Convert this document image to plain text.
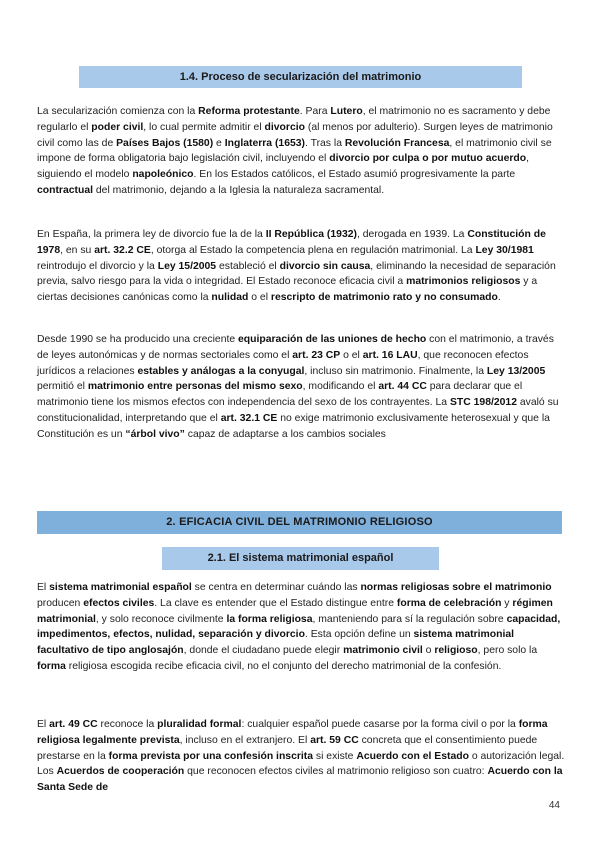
1.4. Proceso de secularización del matrimonio

La secularización comienza con la Reforma protestante. Para Lutero, el matrimonio no es sacramento y debe regularlo el poder civil, lo cual permite admitir el divorcio (al menos por adulterio). Surgen leyes de matrimonio civil como las de Países Bajos (1580) e Inglaterra (1653). Tras la Revolución Francesa, el matrimonio civil se impone de forma obligatoria bajo legislación civil, incluyendo el divorcio por culpa o por mutuo acuerdo, siguiendo el modelo napoleónico. En los Estados católicos, el Estado asumió progresivamente la parte contractual del matrimonio, dejando a la Iglesia la naturaleza sacramental.

En España, la primera ley de divorcio fue la de la II República (1932), derogada en 1939. La Constitución de 1978, en su art. 32.2 CE, otorga al Estado la competencia plena en regulación matrimonial. La Ley 30/1981 reintrodujo el divorcio y la Ley 15/2005 estableció el divorcio sin causa, eliminando la necesidad de separación previa, salvo riesgo para la vida o integridad. El Estado reconoce eficacia civil a matrimonios religiosos y a ciertas decisiones canónicas como la nulidad o el rescripto de matrimonio rato y no consumado.

Desde 1990 se ha producido una creciente equiparación de las uniones de hecho con el matrimonio, a través de leyes autonómicas y de normas sectoriales como el art. 23 CP o el art. 16 LAU, que reconocen efectos jurídicos a relaciones estables y análogas a la conyugal, incluso sin matrimonio. Finalmente, la Ley 13/2005 permitió el matrimonio entre personas del mismo sexo, modificando el art. 44 CC para declarar que el matrimonio tiene los mismos efectos con independencia del sexo de los contrayentes. La STC 198/2012 avaló su constitucionalidad, interpretando que el art. 32.1 CE no exige matrimonio exclusivamente heterosexual y que la Constitución es un “árbol vivo” capaz de adaptarse a los cambios sociales

2. EFICACIA CIVIL DEL MATRIMONIO RELIGIOSO
2.1. El sistema matrimonial español

El sistema matrimonial español se centra en determinar cuándo las normas religiosas sobre el matrimonio producen efectos civiles. La clave es entender que el Estado distingue entre forma de celebración y régimen matrimonial, y solo reconoce civilmente la forma religiosa, manteniendo para sí la regulación sobre capacidad, impedimentos, efectos, nulidad, separación y divorcio. Esta opción define un sistema matrimonial facultativo de tipo anglosajón, donde el ciudadano puede elegir matrimonio civil o religioso, pero solo la forma religiosa escogida recibe eficacia civil, no el conjunto del derecho matrimonial de la confesión.

El art. 49 CC reconoce la pluralidad formal: cualquier español puede casarse por la forma civil o por la forma religiosa legalmente prevista, incluso en el extranjero. El art. 59 CC concreta que el consentimiento puede prestarse en la forma prevista por una confesión inscrita si existe Acuerdo con el Estado o autorización legal. Los Acuerdos de cooperación que reconocen efectos civiles al matrimonio religioso son cuatro: Acuerdo con la Santa Sede de

44
